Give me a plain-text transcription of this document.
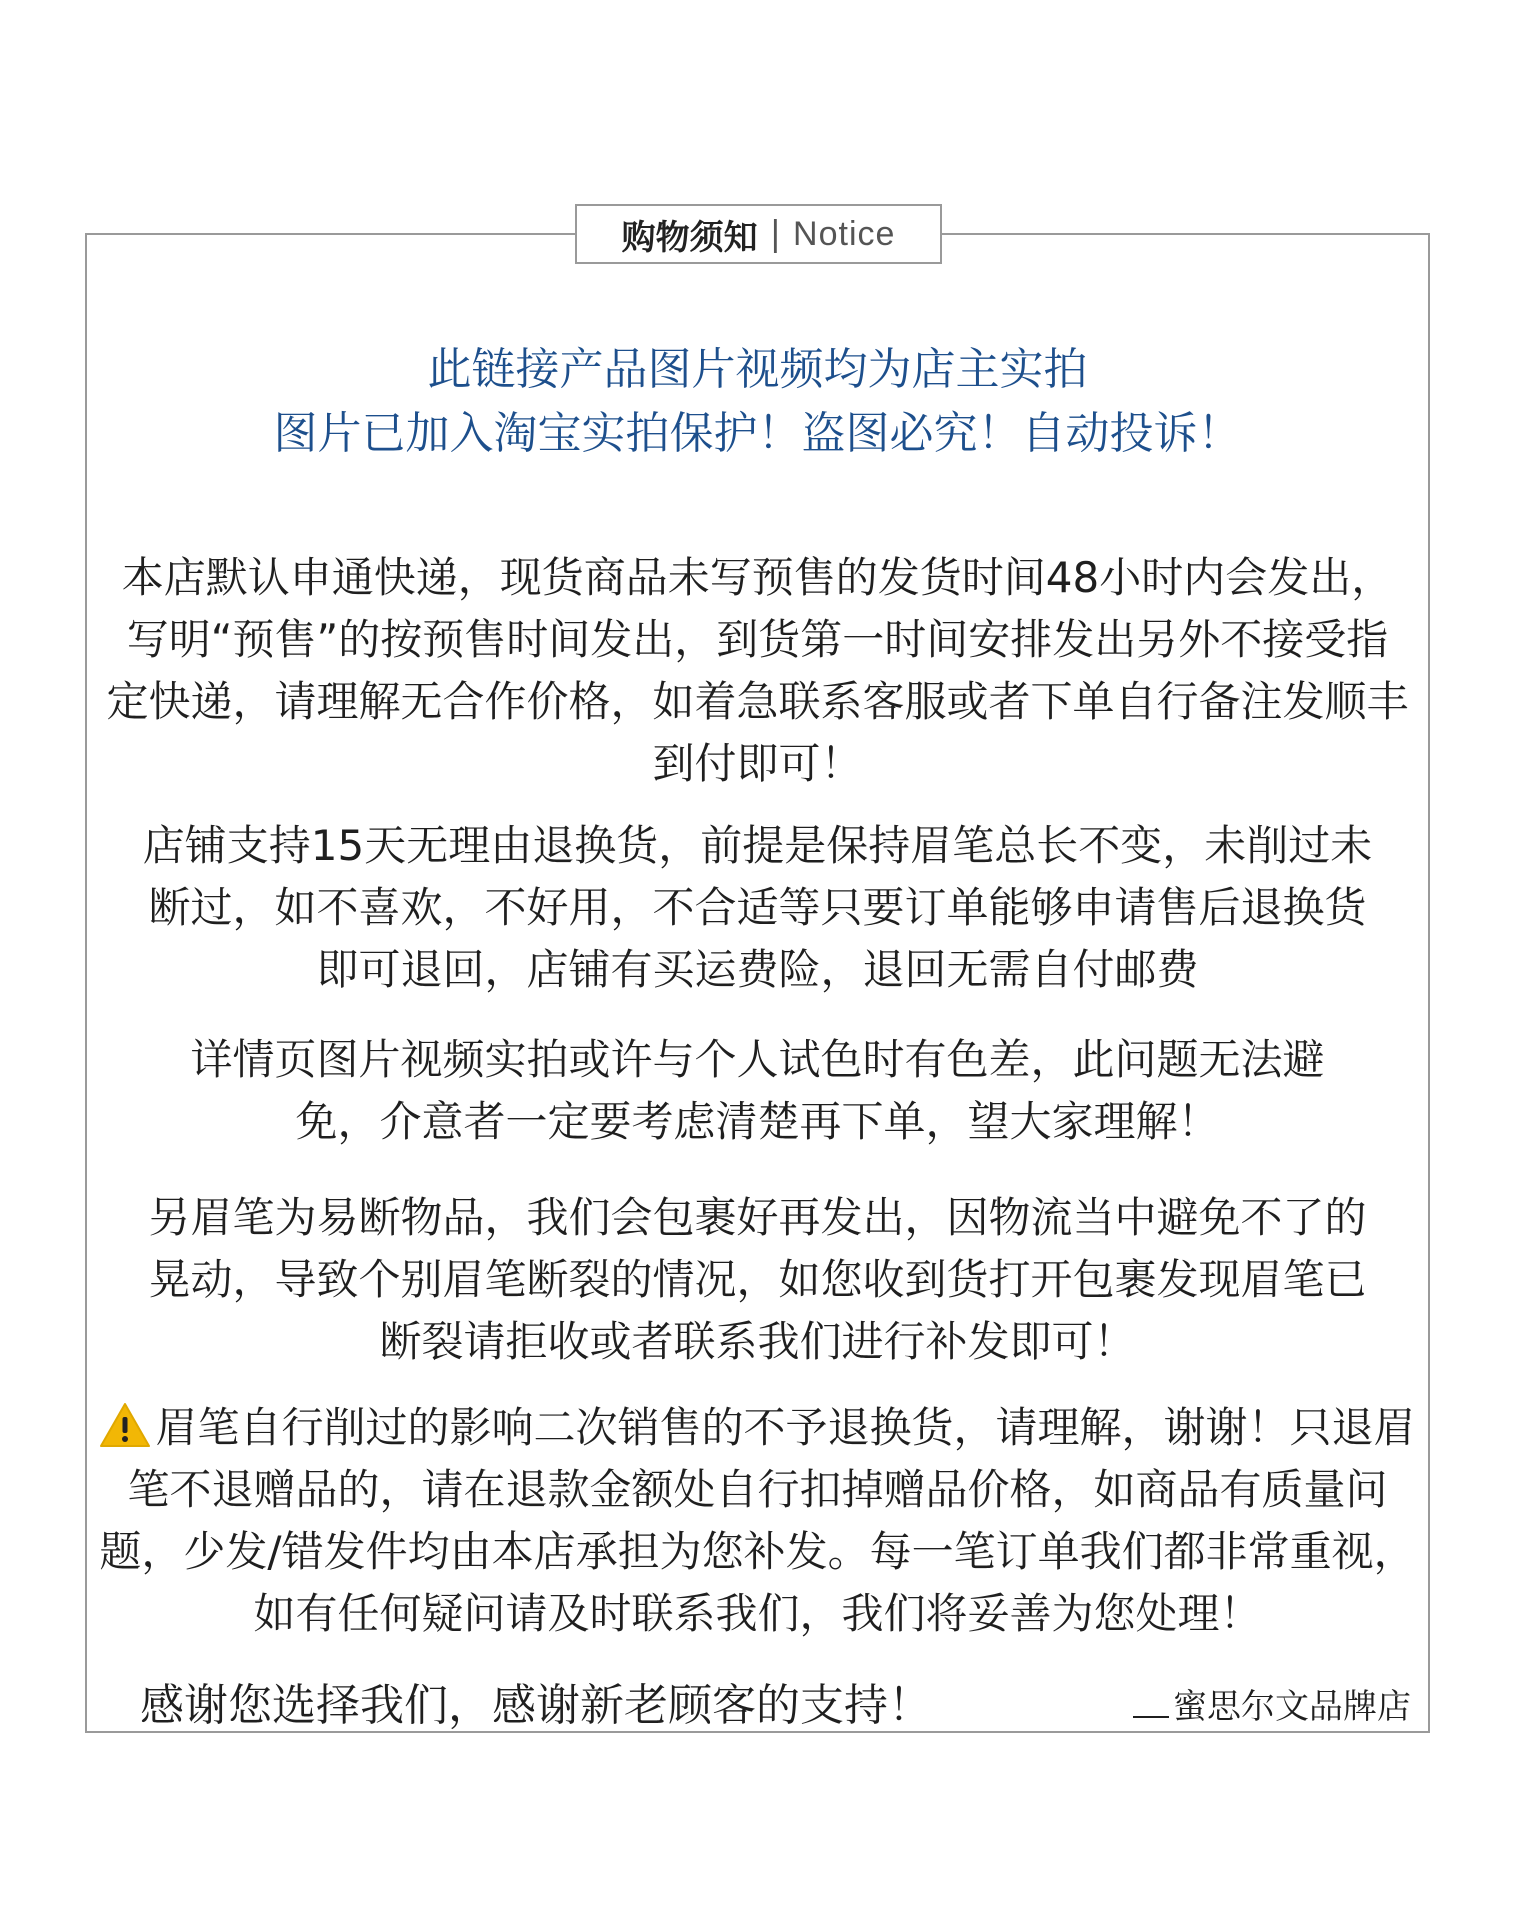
购物须知 | Notice
此链接产品图片视频均为店主实拍
图片已加入淘宝实拍保护！盗图必究！自动投诉！
本店默认申通快递，现货商品未写预售的发货时间48小时内会发出，
写明“预售”的按预售时间发出，到货第一时间安排发出另外不接受指
定快递，请理解无合作价格，如着急联系客服或者下单自行备注发顺丰
到付即可！
店铺支持15天无理由退换货，前提是保持眉笔总长不变，未削过未
断过，如不喜欢，不好用，不合适等只要订单能够申请售后退换货
即可退回，店铺有买运费险，退回无需自付邮费
详情页图片视频实拍或许与个人试色时有色差，此问题无法避
免，介意者一定要考虑清楚再下单，望大家理解！
另眉笔为易断物品，我们会包裹好再发出，因物流当中避免不了的
晃动，导致个别眉笔断裂的情况，如您收到货打开包裹发现眉笔已
断裂请拒收或者联系我们进行补发即可！
眉笔自行削过的影响二次销售的不予退换货，请理解，谢谢！只退眉
笔不退赠品的，请在退款金额处自行扣掉赠品价格，如商品有质量问
题，少发/错发件均由本店承担为您补发。每一笔订单我们都非常重视，
如有任何疑问请及时联系我们，我们将妥善为您处理！
感谢您选择我们，感谢新老顾客的支持！	蜜思尔文品牌店
